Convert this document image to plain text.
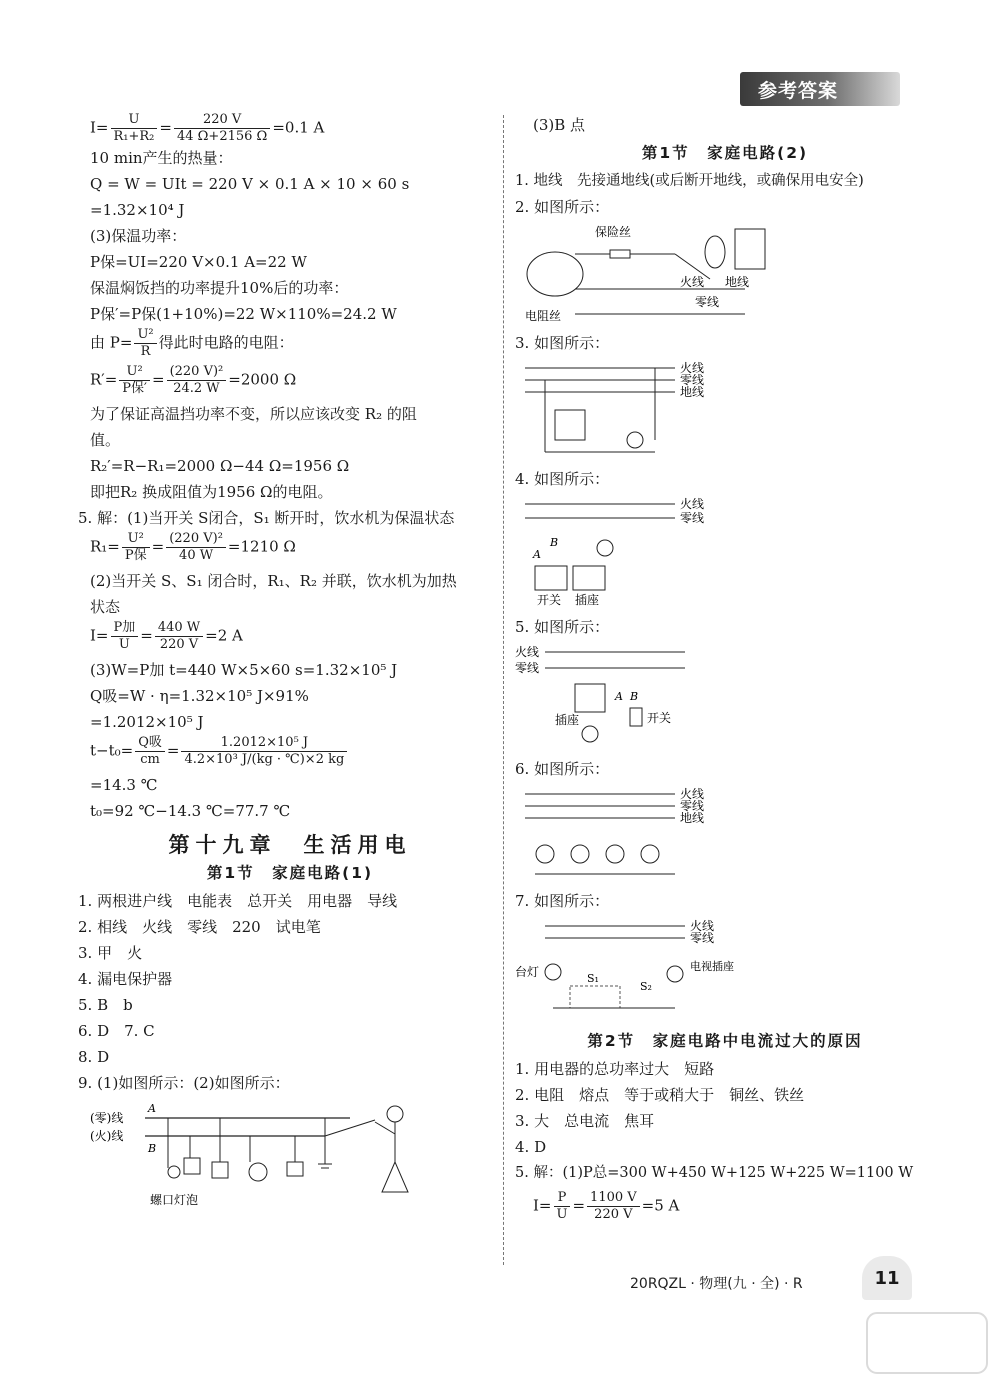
参考答案
$I= \frac{U}{\text{R₁+R₂}} = \frac{220 V}{44 \Omega+2156 \Omega} =0.1$ A
10 min产生的热量：
Q = W = UIt = 220 V × 0.1 A × 10 × 60 s
=1.32×10⁴ J
(3)保温功率：
P保=UI=220 V×0.1 A=22 W
保温焖饭挡的功率提升10%后的功率：
P保′=P保(1+10%)=22 W×110%=24.2 W
由 $P= \frac{\text{U²}}{R}$ 得此时电路的电阻：
$R'= \frac{\text{U²}}{\text{P保′}} = \frac{\text{(220 V)²}}{24.2 W} =2000$ Ω
为了保证高温挡功率不变，所以应该改变 R₂ 的阻
值。
R₂′=R−R₁=2000 Ω−44 Ω=1956 Ω
即把R₂ 换成阻值为1956 Ω的电阻。
5. 解：(1)当开关 S闭合，S₁ 断开时，饮水机为保温状态
$R_1= \frac{\text{U²}}{\text{P保}} = \frac{\text{(220 V)²}}{40 W} =1210$ Ω
(2)当开关 S、S₁ 闭合时，R₁、R₂ 并联，饮水机为加热
状态
$I= \frac{\text{P加}}{U} = \frac{440 W}{220 V} =2$ A
(3)W=P加 t=440 W×5×60 s=1.32×10⁵ J
Q吸=W · η=1.32×10⁵ J×91%
=1.2012×10⁵ J
$t-t_0= \frac{\text{Q吸}}{cm} = \frac{\text{1.2012×10⁵ J}}{\text{4.2×10³ J/(kg · ℃)×2 kg}}$
=14.3 ℃
t₀=92 ℃−14.3 ℃=77.7 ℃
第十九章　生活用电
第1节　家庭电路(1)
1. 两根进户线　电能表　总开关　用电器　导线
2. 相线　火线　零线　220　试电笔
3. 甲　火
4. 漏电保护器
5. B　b
6. D　7. C
8. D
9. (1)如图所示：(2)如图所示：
(零)线
(火)线
A
B
螺口灯泡
(3)B 点
第1节　家庭电路(2)
1. 地线　先接通地线(或后断开地线，或确保用电安全)
2. 如图所示：
保险丝
火线 地线
零线
电阻丝
3. 如图所示：
火线
零线
地线
4. 如图所示：
火线
零线
A
B
开关 插座
5. 如图所示：
火线
零线
A B
插座	开关
6. 如图所示：
火线
零线
地线
7. 如图所示：
火线
零线
台灯	S₁
S₂
电视插座
第2节　家庭电路中电流过大的原因
1. 用电器的总功率过大　短路
2. 电阻　熔点　等于或稍大于　铜丝、铁丝
3. 大　总电流　焦耳
4. D
5. 解：(1)P总=300 W+450 W+125 W+225 W=1100 W
$I= \frac{P}{U} = \frac{1100 V}{220 V} =5$ A
20RQZL · 物理(九 · 全) · R	11
